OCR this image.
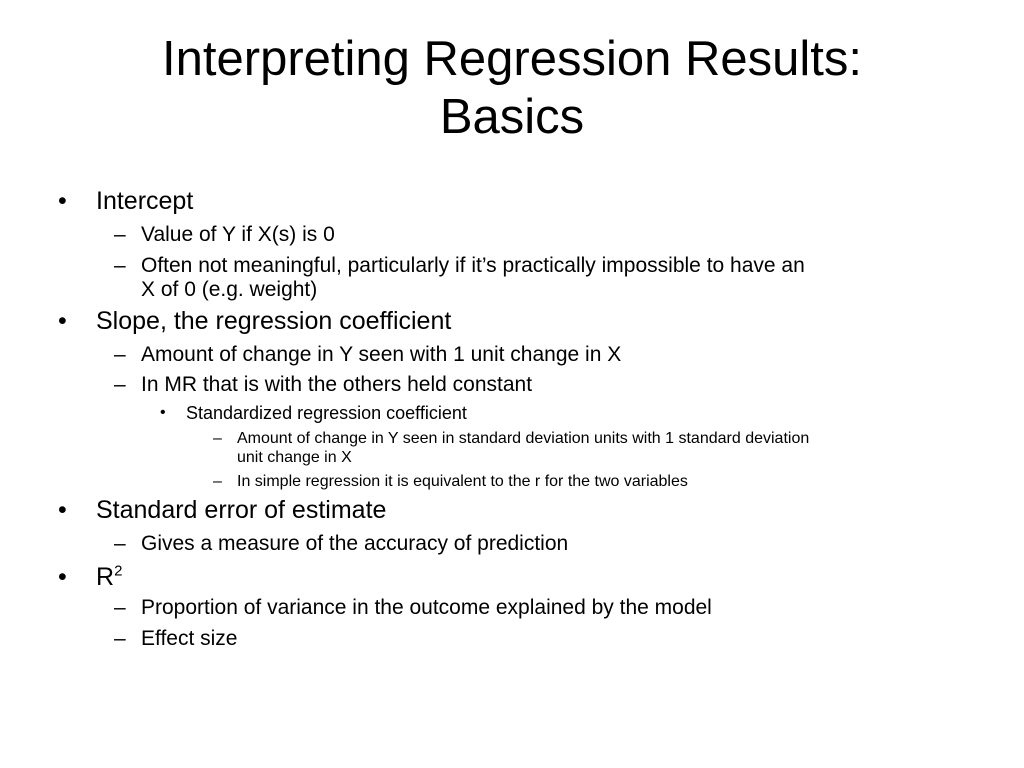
Interpreting Regression Results:
Basics
• Intercept
– Value of Y if X(s) is 0
– Often not meaningful, particularly if it’s practically impossible to have an
X of 0 (e.g. weight)
• Slope, the regression coefficient
– Amount of change in Y seen with 1 unit change in X
– In MR that is with the others held constant
• Standardized regression coefficient
– Amount of change in Y seen in standard deviation units with 1 standard deviation
unit change in X
– In simple regression it is equivalent to the r for the two variables
• Standard error of estimate
– Gives a measure of the accuracy of prediction
• $R^2$
– Proportion of variance in the outcome explained by the model
– Effect size
